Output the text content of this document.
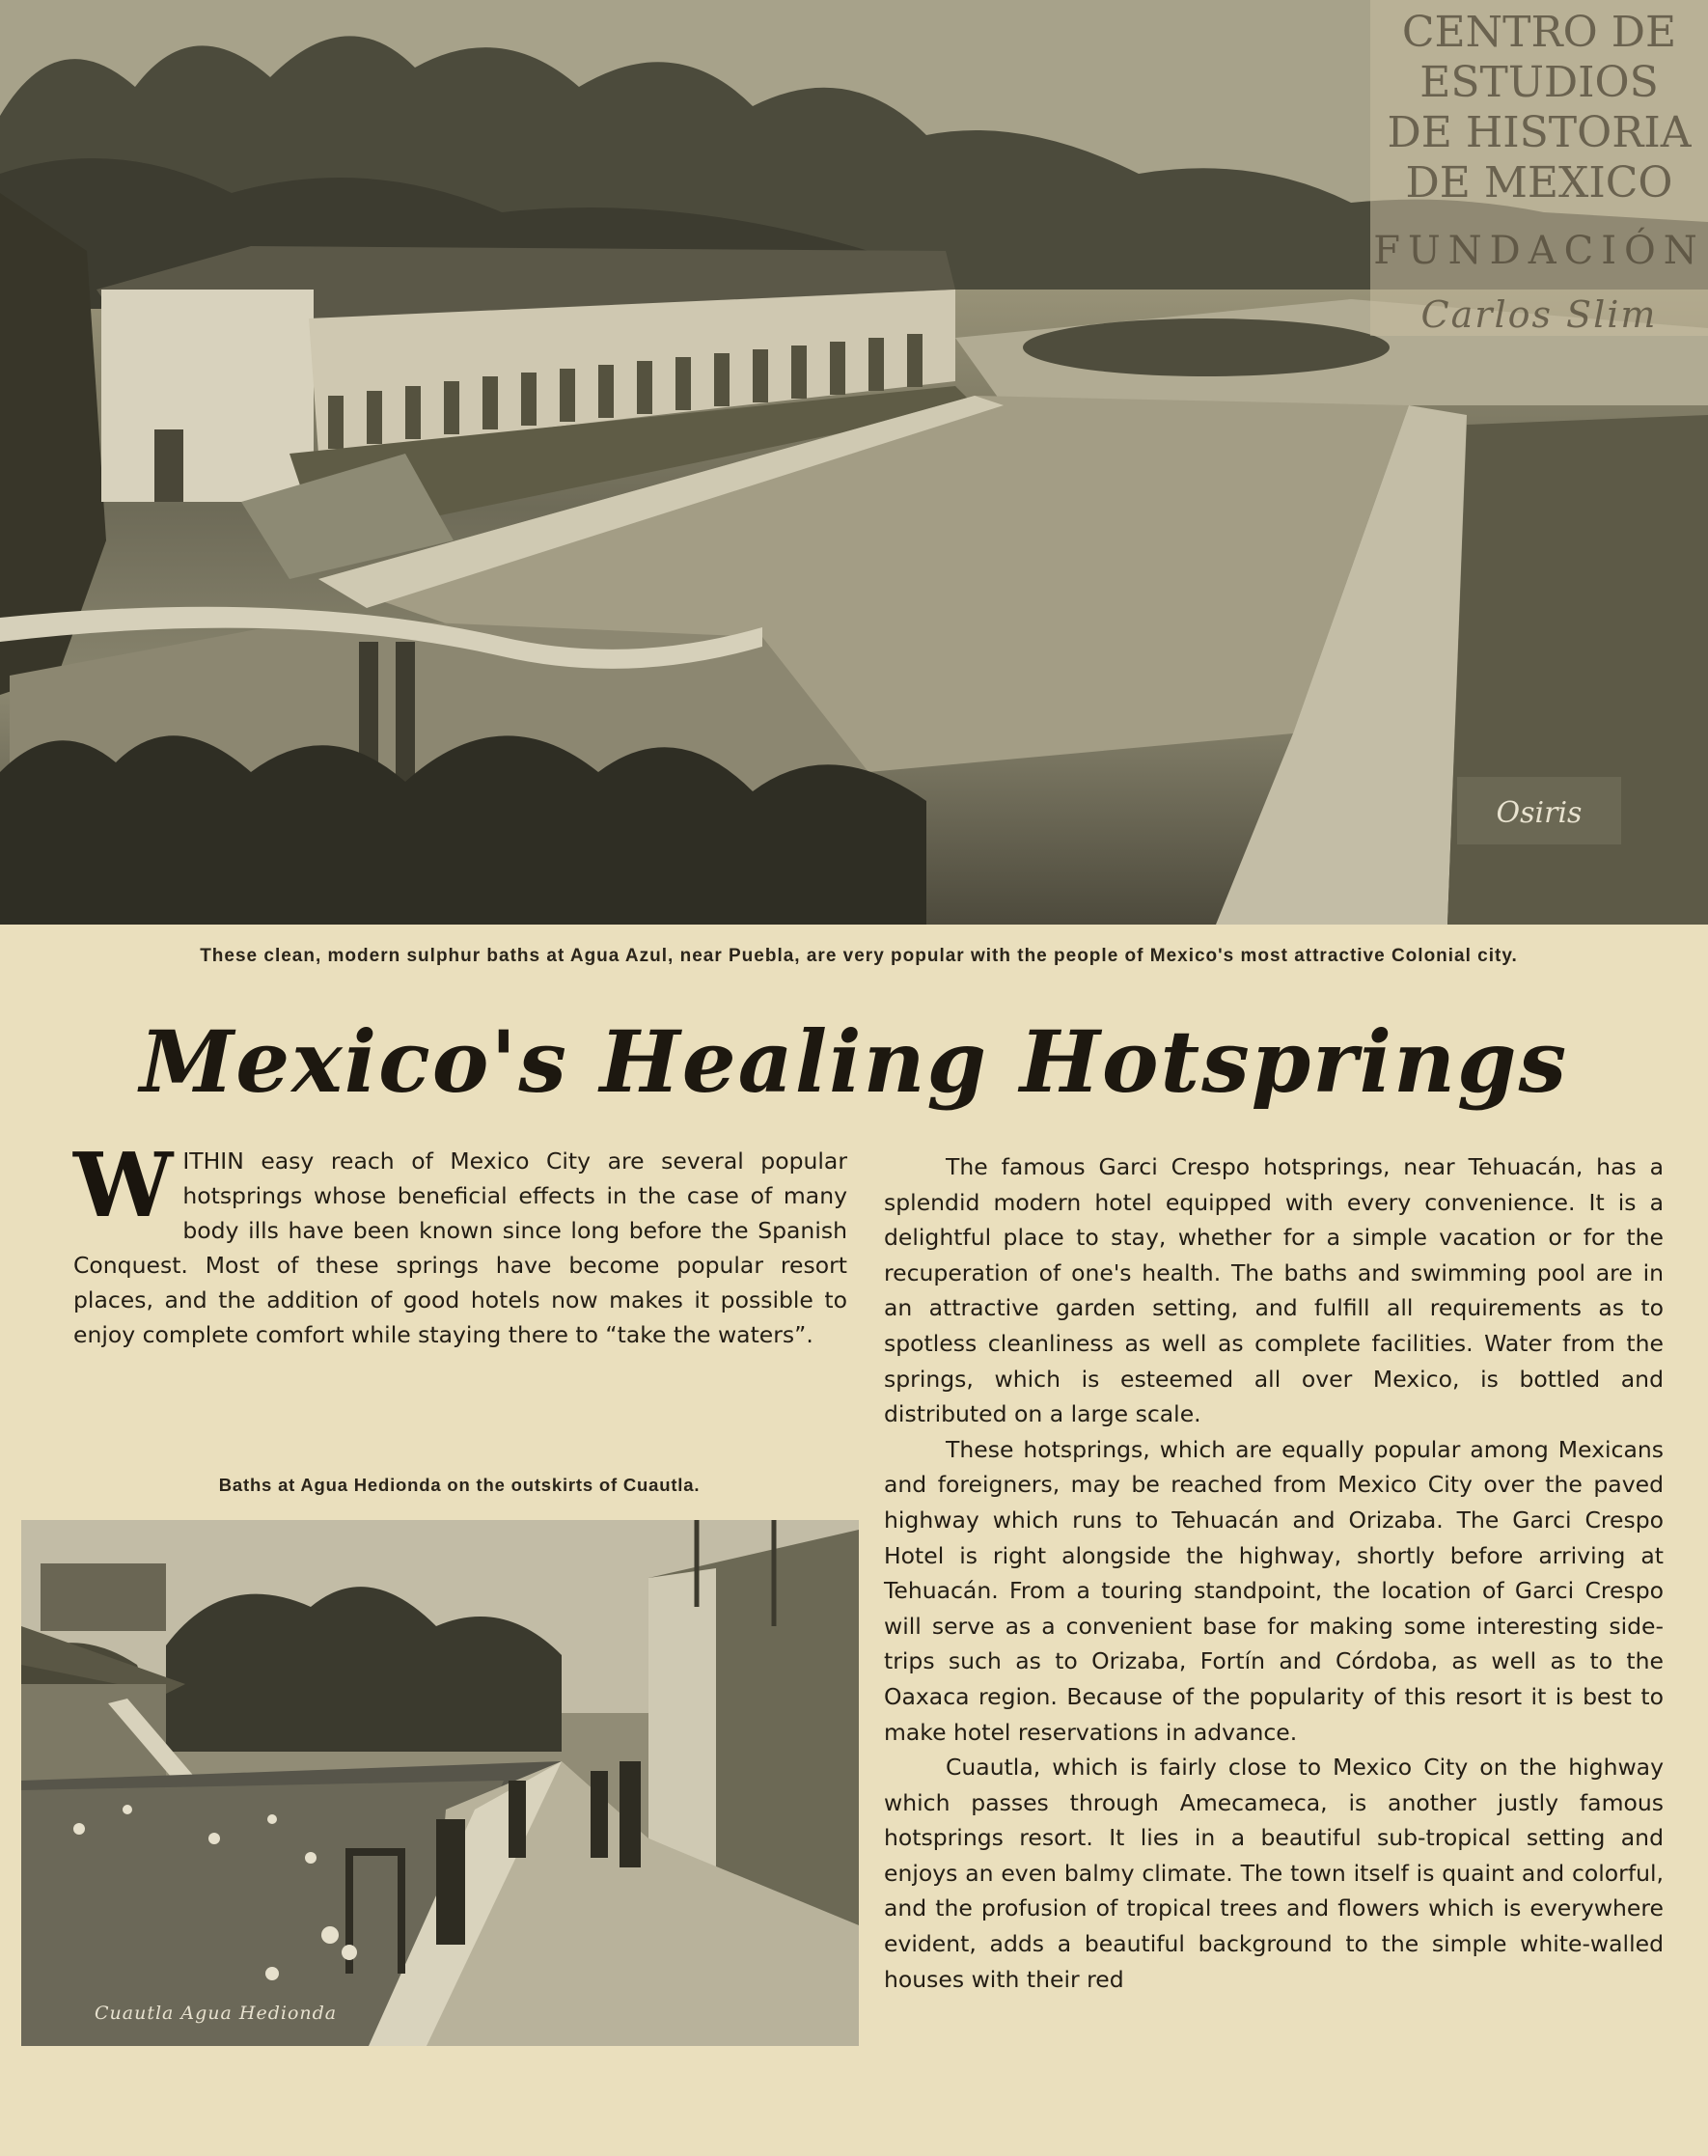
Osiris
CENTRO DE
ESTUDIOS
DE HISTORIA
DE MEXICO
FUNDACIÓN
Carlos Slim
These clean, modern sulphur baths at Agua Azul, near Puebla, are very popular with the people of Mexico's most attractive Colonial city.
Mexico's Healing Hotsprings
W ITHIN easy reach of Mexico City are several popular hotsprings whose beneficial effects in the case of many body ills have been known since long before the Spanish Conquest. Most of these springs have become popular resort places, and the addition of good hotels now makes it possible to enjoy complete comfort while staying there to “take the waters”.
Baths at Agua Hedionda on the outskirts of Cuautla.
Cuautla Agua Hedionda

The famous Garci Crespo hotsprings, near Tehuacán, has a splendid modern hotel equipped with every convenience. It is a delightful place to stay, whether for a simple vacation or for the recuperation of one's health. The baths and swimming pool are in an attractive garden setting, and fulfill all requirements as to spotless cleanliness as well as complete facilities. Water from the springs, which is esteemed all over Mexico, is bottled and distributed on a large scale.

These hotsprings, which are equally popular among Mexicans and foreigners, may be reached from Mexico City over the paved highway which runs to Tehuacán and Orizaba. The Garci Crespo Hotel is right alongside the highway, shortly before arriving at Tehuacán. From a touring standpoint, the location of Garci Crespo will serve as a convenient base for making some interesting side-trips such as to Orizaba, Fortín and Córdoba, as well as to the Oaxaca region. Because of the popularity of this resort it is best to make hotel reservations in advance.

Cuautla, which is fairly close to Mexico City on the highway which passes through Amecameca, is another justly famous hotsprings resort. It lies in a beautiful sub-tropical setting and enjoys an even balmy climate. The town itself is quaint and colorful, and the profusion of tropical trees and flowers which is everywhere evident, adds a beautiful background to the simple white-walled houses with their red
